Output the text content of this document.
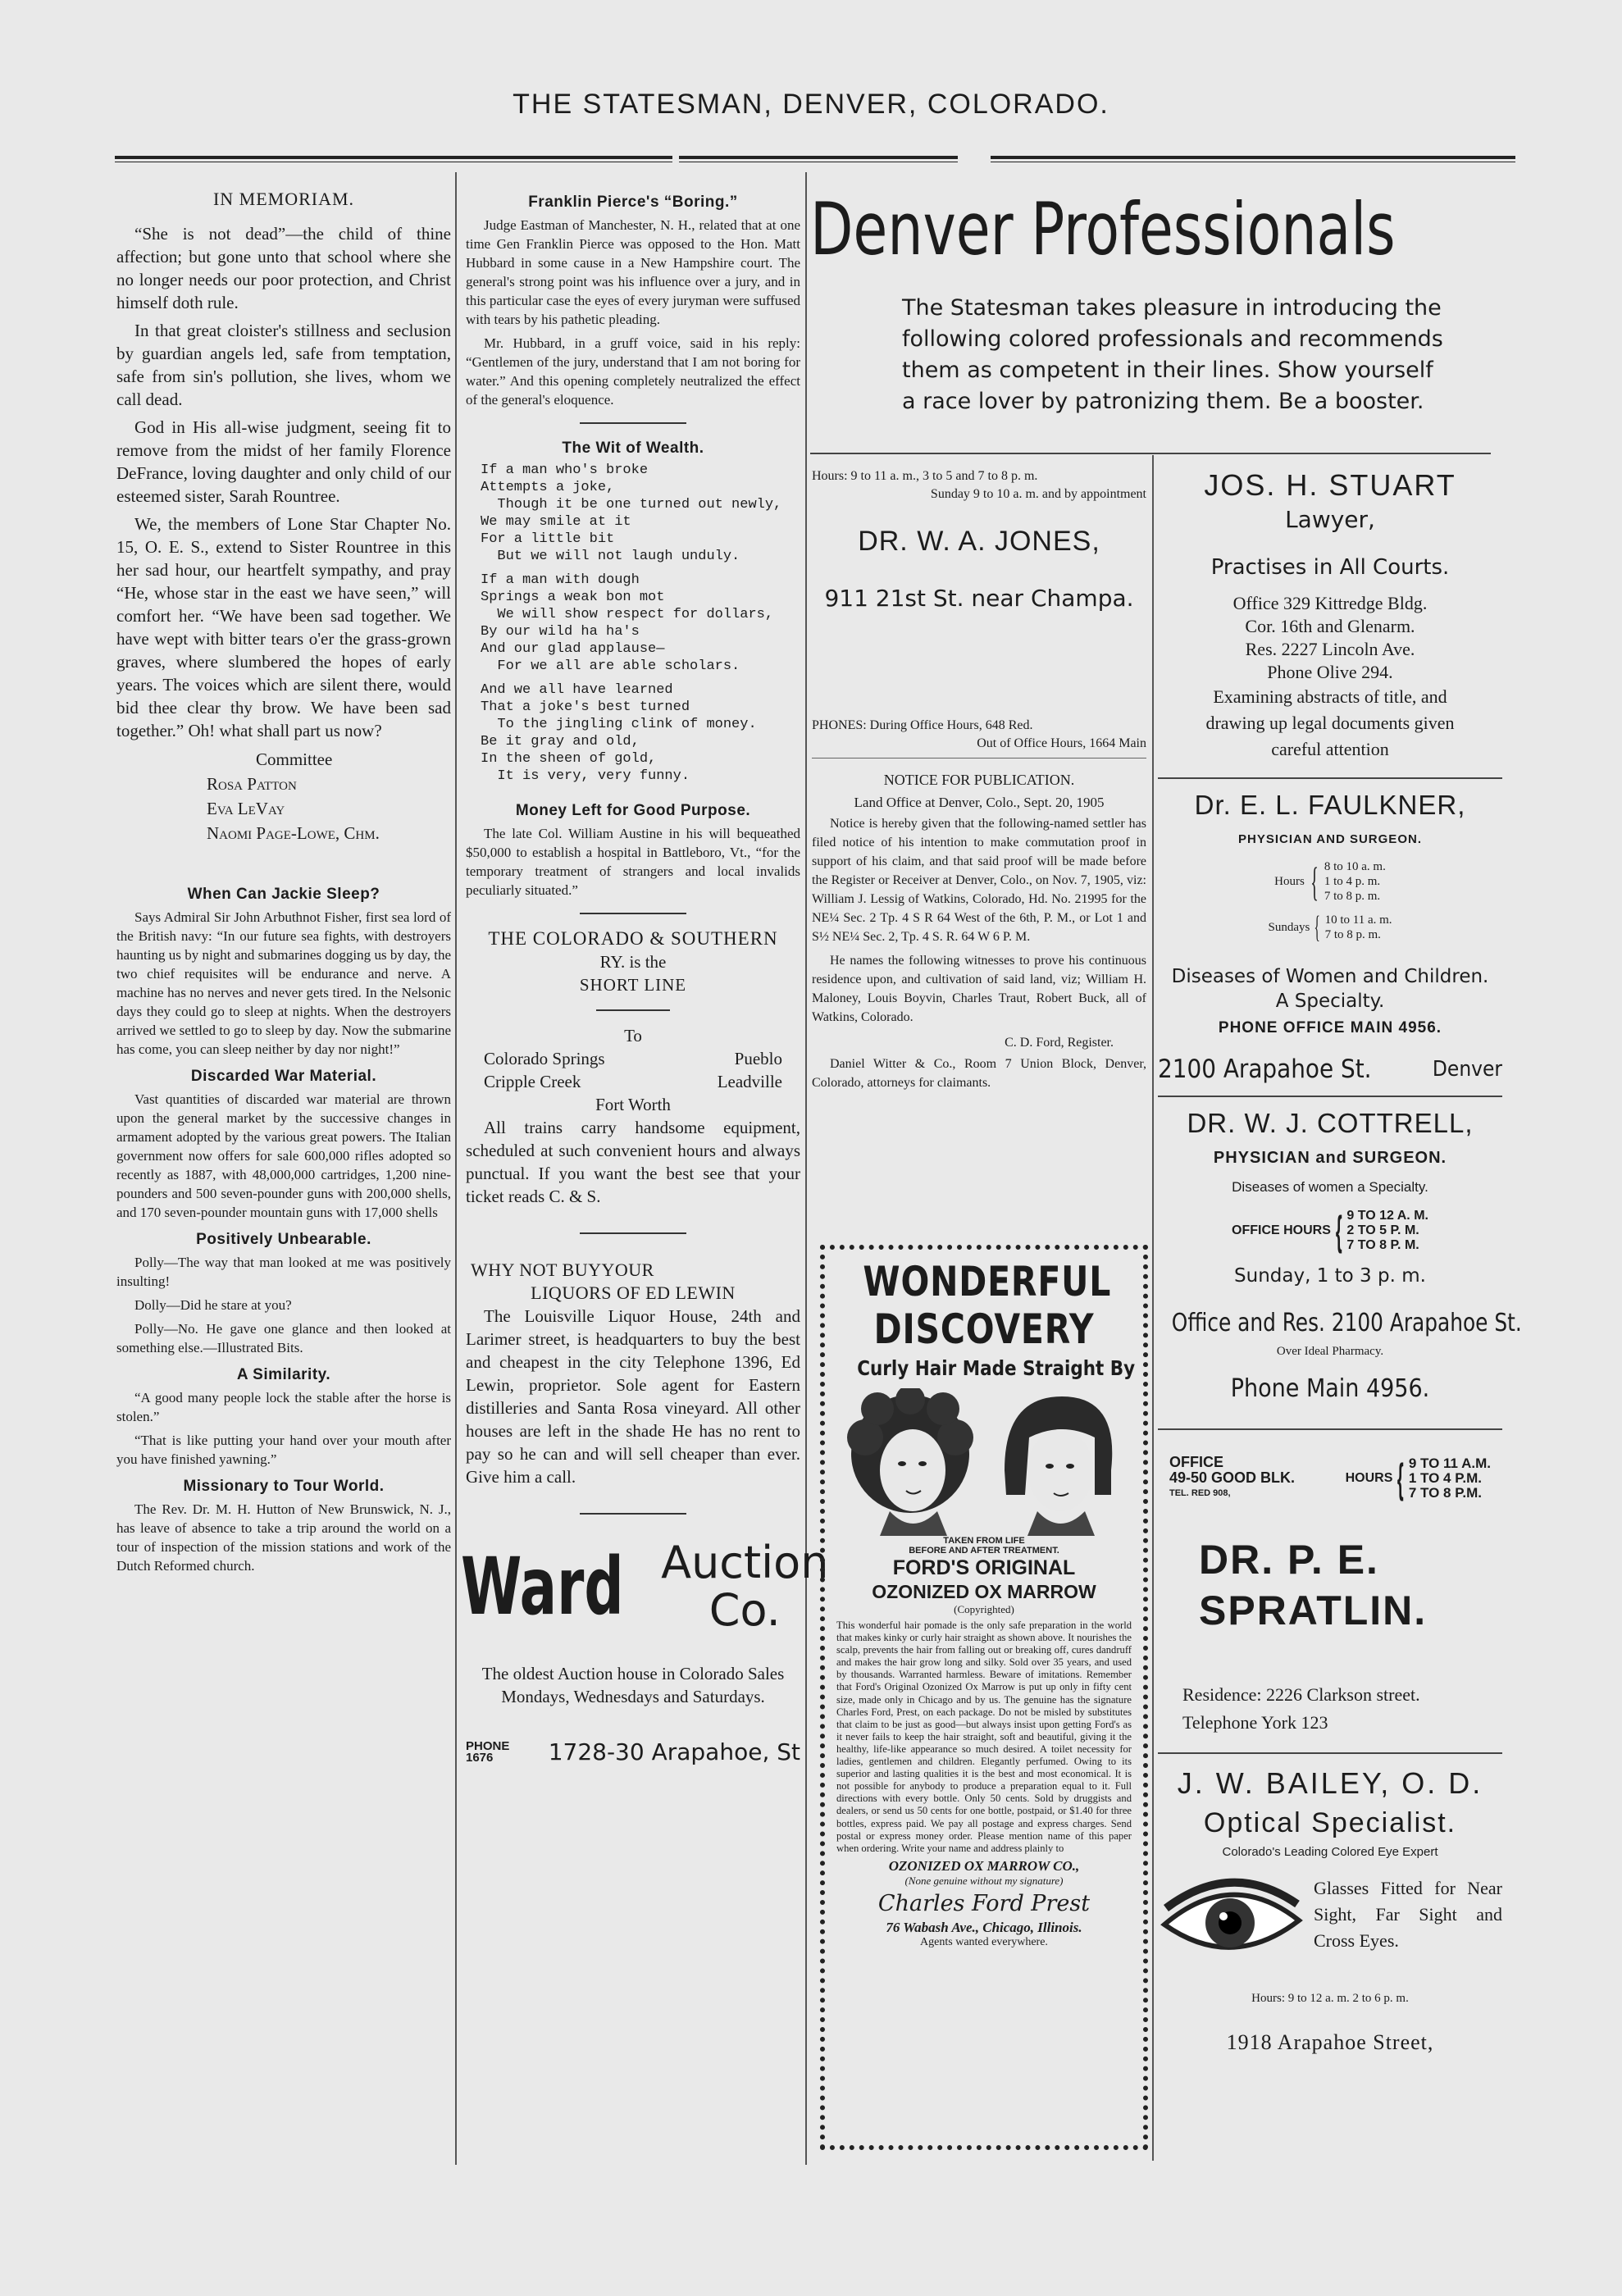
THE STATESMAN, DENVER, COLORADO.
IN MEMORIAM.

“She is not dead”—the child of thine affection; but gone unto that school where she no longer needs our poor protection, and Christ himself doth rule.

In that great cloister's stillness and seclusion by guardian angels led, safe from temptation, safe from sin's pollution, she lives, whom we call dead.

God in His all-wise judgment, seeing fit to remove from the midst of her family Florence DeFrance, loving daughter and only child of our esteemed sister, Sarah Rountree.

We, the members of Lone Star Chapter No. 15, O. E. S., extend to Sister Rountree in this her sad hour, our heartfelt sympathy, and pray “He, whose star in the east we have seen,” will comfort her. “We have been sad together. We have wept with bitter tears o'er the grass-grown graves, where slumbered the hopes of early years. The voices which are silent there, would bid thee clear thy brow. We have been sad together.” Oh! what shall part us now?

Committee
Rosa Patton
Eva LeVay
Naomi Page-Lowe, Chm.
When Can Jackie Sleep?

Says Admiral Sir John Arbuthnot Fisher, first sea lord of the British navy: “In our future sea fights, with destroyers haunting us by night and submarines dogging us by day, the two chief requisites will be endurance and nerve. A machine has no nerves and never gets tired. In the Nelsonic days they could go to sleep at nights. When the destroyers arrived we settled to go to sleep by day. Now the submarine has come, you can sleep neither by day nor night!”

Discarded War Material.

Vast quantities of discarded war material are thrown upon the general market by the successive changes in armament adopted by the various great powers. The Italian government now offers for sale 600,000 rifles adopted so recently as 1887, with 48,000,000 cartridges, 1,200 nine-pounders and 500 seven-pounder guns with 200,000 shells, and 170 seven-pounder mountain guns with 17,000 shells

Positively Unbearable.

Polly—The way that man looked at me was positively insulting!

Dolly—Did he stare at you?

Polly—No. He gave one glance and then looked at something else.—Illustrated Bits.

A Similarity.

“A good many people lock the stable after the horse is stolen.”

“That is like putting your hand over your mouth after you have finished yawning.”

Missionary to Tour World.

The Rev. Dr. M. H. Hutton of New Brunswick, N. J., has leave of absence to take a trip around the world on a tour of inspection of the mission stations and work of the Dutch Reformed church.

Franklin Pierce's “Boring.”

Judge Eastman of Manchester, N. H., related that at one time Gen Franklin Pierce was opposed to the Hon. Matt Hubbard in some cause in a New Hampshire court. The general's strong point was his influence over a jury, and in this particular case the eyes of every juryman were suffused with tears by his pathetic pleading.

Mr. Hubbard, in a gruff voice, said in his reply: “Gentlemen of the jury, understand that I am not boring for water.” And this opening completely neutralized the effect of the general's eloquence.

The Wit of Wealth.
If a man who's broke
Attempts a joke,
Though it be one turned out newly,
We may smile at it
For a little bit
But we will not laugh unduly.
If a man with dough
Springs a weak bon mot
We will show respect for dollars,
By our wild ha ha's
And our glad applause—
For we all are able scholars.
And we all have learned
That a joke's best turned
To the jingling clink of money.
Be it gray and old,
In the sheen of gold,
It is very, very funny.
Money Left for Good Purpose.

The late Col. William Austine in his will bequeathed $50,000 to establish a hospital in Battleboro, Vt., “for the temporary treatment of strangers and local invalids peculiarly situated.”

THE COLORADO & SOUTHERN
RY. is the
SHORT LINE
To
Colorado Springs	Pueblo
Cripple Creek	Leadville
Fort Worth

All trains carry handsome equipment, scheduled at such convenient hours and always punctual. If you want the best see that your ticket reads C. & S.

WHY NOT BUYYOUR
LIQUORS OF ED LEWIN

The Louisville Liquor House, 24th and Larimer street, is headquarters to buy the best and cheapest in the city Telephone 1396, Ed Lewin, proprietor. Sole agent for Eastern distilleries and Santa Rosa vineyard. All other houses are left in the shade He has no rent to pay so he can and will sell cheaper than ever. Give him a call.

Ward Auction
Co.
The oldest Auction house in Colorado Sales Mondays, Wednesdays and Saturdays.
PHONE
1676	1728-30 Arapahoe, St
Denver Professionals
The Statesman takes pleasure in introducing the following colored professionals and recommends them as competent in their lines. Show yourself a race lover by patronizing them. Be a booster.
Hours: 9 to 11 a. m., 3 to 5 and 7 to 8 p. m.
Sunday 9 to 10 a. m. and by appointment
DR. W. A. JONES,
911 21st St. near Champa.
PHONES: During Office Hours, 648 Red.
Out of Office Hours, 1664 Main
NOTICE FOR PUBLICATION.
Land Office at Denver, Colo., Sept. 20, 1905

Notice is hereby given that the following-named settler has filed notice of his intention to make commutation proof in support of his claim, and that said proof will be made before the Register or Receiver at Denver, Colo., on Nov. 7, 1905, viz: William J. Lessig of Watkins, Colorado, Hd. No. 21995 for the NE¼ Sec. 2 Tp. 4 S R 64 West of the 6th, P. M., or Lot 1 and S½ NE¼ Sec. 2, Tp. 4 S. R. 64 W 6 P. M.

He names the following witnesses to prove his continuous residence upon, and cultivation of said land, viz; William H. Maloney, Louis Boyvin, Charles Traut, Robert Buck, all of Watkins, Colorado.

C. D. Ford, Register.

Daniel Witter & Co., Room 7 Union Block, Denver, Colorado, attorneys for claimants.

WONDERFUL
DISCOVERY
Curly Hair Made Straight By
TAKEN FROM LIFE
BEFORE AND AFTER TREATMENT.
FORD'S ORIGINAL
OZONIZED OX MARROW
(Copyrighted)
This wonderful hair pomade is the only safe preparation in the world that makes kinky or curly hair straight as shown above. It nourishes the scalp, prevents the hair from falling out or breaking off, cures dandruff and makes the hair grow long and silky. Sold over 35 years, and used by thousands. Warranted harmless. Beware of imitations. Remember that Ford's Original Ozonized Ox Marrow is put up only in fifty cent size, made only in Chicago and by us. The genuine has the signature Charles Ford, Prest, on each package. Do not be misled by substitutes that claim to be just as good—but always insist upon getting Ford's as it never fails to keep the hair straight, soft and beautiful, giving it the healthy, life-like appearance so much desired. A toilet necessity for ladies, gentlemen and children. Elegantly perfumed. Owing to its superior and lasting qualities it is the best and most economical. It is not possible for anybody to produce a preparation equal to it. Full directions with every bottle. Only 50 cents. Sold by druggists and dealers, or send us 50 cents for one bottle, postpaid, or $1.40 for three bottles, express paid. We pay all postage and express charges. Send postal or express money order. Please mention name of this paper when ordering. Write your name and address plainly to
OZONIZED OX MARROW CO.,
(None genuine without my signature)
Charles Ford Prest
76 Wabash Ave., Chicago, Illinois.
Agents wanted everywhere.
JOS. H. STUART
Lawyer,
Practises in All Courts.
Office 329 Kittredge Bldg.
Cor. 16th and Glenarm.
Res. 2227 Lincoln Ave.
Phone Olive 294.
Examining abstracts of title, and drawing up legal documents given careful attention
Dr. E. L. FAULKNER,
PHYSICIAN AND SURGEON.
Hours { 8 to 10 a. m.
1 to 4 p. m.
7 to 8 p. m.
Sundays { 10 to 11 a. m.
7 to 8 p. m.
Diseases of Women and Children.
A Specialty.
PHONE OFFICE MAIN 4956.
2100 Arapahoe St.	Denver
DR. W. J. COTTRELL,
PHYSICIAN and SURGEON.
Diseases of women a Specialty.
OFFICE HOURS { 9 TO 12 A. M.
2 TO 5 P. M.
7 TO 8 P. M.
Sunday, 1 to 3 p. m.
Office and Res. 2100 Arapahoe St.
Over Ideal Pharmacy.
Phone Main 4956.
OFFICE
49-50 GOOD BLK.
TEL. RED 908,
HOURS { 9 TO 11 A.M.
1 TO 4 P.M.
7 TO 8 P.M.
DR. P. E.
SPRATLIN.
Residence: 2226 Clarkson street.
Telephone York 123
J. W. BAILEY, O. D.
Optical Specialist.
Colorado's Leading Colored Eye Expert
Glasses Fitted for Near Sight, Far Sight and Cross Eyes.
Hours: 9 to 12 a. m. 2 to 6 p. m.
1918 Arapahoe Street,
